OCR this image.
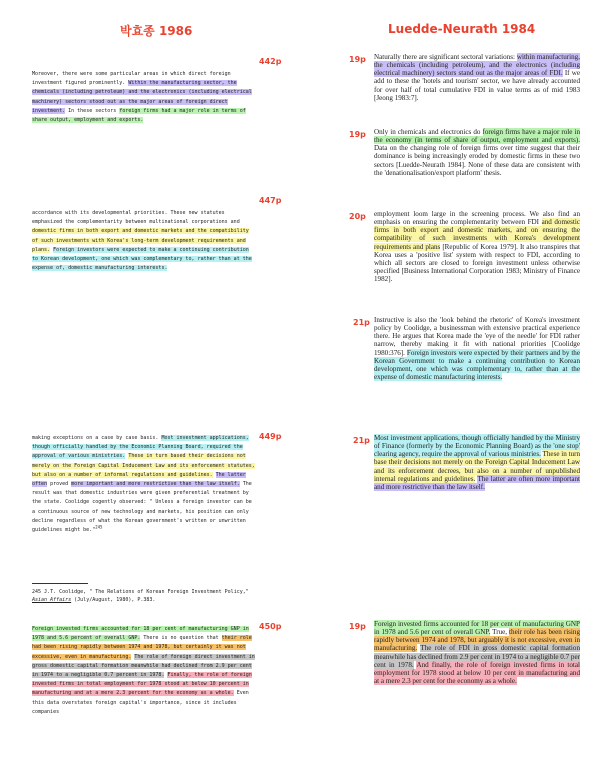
박효종 1986	Luedde-Neurath 1984
442p
447p
449p
450p
19p
19p
20p
21p
21p
19p
Moreover, there were some particular areas in which direct foreign investment figured prominently. Within the manufacturing sector, the chemicals (including petroleum) and the electronics (including electrical machinery) sectors stood out as the major areas of foreign direct investment. In these sectors foreign firms had a major role in terms of share output, employment and exports.
accordance with its developmental priorities. These new statutes emphasized the complementarity between multinational corporations and domestic firms in both export and domestic markets and the compatibility of such investments with Korea's long-term development requirements and plans. Foreign investors were expected to make a continuing contribution to Korean development, one which was complementary to, rather than at the expense of, domestic manufacturing interests.
making exceptions on a case by case basis. Most investment applications, though officially handled by the Economic Planning Board, required the approval of various ministries. These in turn based their decisions not merely on the Foreign Capital Inducement Law and its enforcement statutes, but also on a number of informal regulations and guidelines. The latter often proved more important and more restrictive than the law itself. The result was that domestic industries were given preferential treatment by the state. Coolidge cogently observed: " Unless a foreign investor can be a continuous source of new technology and markets, his position can only decline regardless of what the Korean government's written or unwritten guidelines might be."$^{245}$
245 J.T. Coolidge, " The Relations of Korean Foreign Investment Policy," Asian Affairs (July/August, 1980), P.383.
Foreign invested firms accounted for 18 per cent of manufacturing GNP in 1978 and 5.6 percent of overall GNP. There is no question that their role had been rising rapidly between 1974 and 1978, but certainly it was not excessive, even in manufacturing. The role of foreign direct investment in gross domestic capital formation meanwhile had declined from 2.9 per cent in 1974 to a negligible 0.7 percent in 1978. Finally, the role of foreign invested firms in total employment for 1978 stood at below 10 percent in manufacturing and at a mere 2.3 percent for the economy as a whole. Even this data overstates foreign capital's importance, since it includes companies
Naturally there are significant sectoral variations: within manufacturing, the chemicals (including petroleum), and the electronics (including electrical machinery) sectors stand out as the major areas of FDI. If we add to these the 'hotels and tourism' sector, we have already accounted for over half of total cumulative FDI in value terms as of mid 1983 [Jeong 1983:7].
Only in chemicals and electronics do foreign firms have a major role in the economy (in terms of share of output, employment and exports). Data on the changing role of foreign firms over time suggest that their dominance is being increasingly eroded by domestic firms in these two sectors [Luedde-Neurath 1984]. None of these data are consistent with the 'denationalisation/export platform' thesis.
employment loom large in the screening process. We also find an emphasis on ensuring the complementarity between FDI and domestic firms in both export and domestic markets, and on ensuring the compatibility of such investments with Korea's development requirements and plans [Republic of Korea 1979]. It also transpires that Korea uses a 'positive list' system with respect to FDI, according to which all sectors are closed to foreign investment unless otherwise specified [Business International Corporation 1983; Ministry of Finance 1982].
Instructive is also the 'look behind the rhetoric' of Korea's investment policy by Coolidge, a businessman with extensive practical experience there. He argues that Korea made the 'eye of the needle' for FDI rather narrow, thereby making it fit with national priorities [Coolidge 1980:376]. Foreign investors were expected by their partners and by the Korean Government to make a continuing contribution to Korean development, one which was complementary to, rather than at the expense of domestic manufacturing interests.
Most investment applications, though officially handled by the Ministry of Finance (formerly by the Economic Planning Board) as the 'one stop' clearing agency, require the approval of various ministries. These in turn base their decisions not merely on the Foreign Capital Inducement Law and its enforcement decrees, but also on a number of unpublished internal regulations and guidelines. The latter are often more important and more restrictive than the law itself.
Foreign invested firms accounted for 18 per cent of manufacturing GNP in 1978 and 5.6 per cent of overall GNP. True, their role has been rising rapidly between 1974 and 1978, but arguably it is not excessive, even in manufacturing. The role of FDI in gross domestic capital formation meanwhile has declined from 2.9 per cent in 1974 to a negligible 0.7 per cent in 1978. And finally, the role of foreign invested firms in total employment for 1978 stood at below 10 per cent in manufacturing and at a mere 2.3 per cent for the economy as a whole.
